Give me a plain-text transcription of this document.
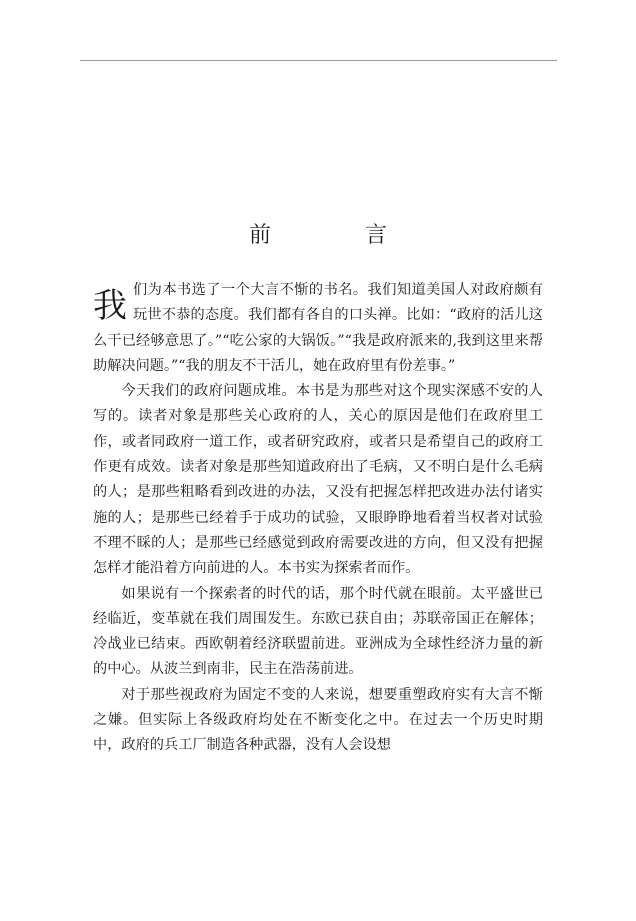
前　言

我们为本书选了一个大言不惭的书名。我们知道美国人对政府颇有玩世不恭的态度。我们都有各自的口头禅。比如：“政府的活儿这么干已经够意思了。”“吃公家的大锅饭。”“我是政府派来的,我到这里来帮助解决问题。”“我的朋友不干活儿，她在政府里有份差事。”

今天我们的政府问题成堆。本书是为那些对这个现实深感不安的人写的。读者对象是那些关心政府的人，关心的原因是他们在政府里工作，或者同政府一道工作，或者研究政府，或者只是希望自己的政府工作更有成效。读者对象是那些知道政府出了毛病，又不明白是什么毛病的人；是那些粗略看到改进的办法，又没有把握怎样把改进办法付诸实施的人；是那些已经着手于成功的试验，又眼睁睁地看着当权者对试验不理不睬的人；是那些已经感觉到政府需要改进的方向，但又没有把握怎样才能沿着方向前进的人。本书实为探索者而作。

如果说有一个探索者的时代的话，那个时代就在眼前。太平盛世已经临近，变革就在我们周围发生。东欧已获自由；苏联帝国正在解体；冷战业已结束。西欧朝着经济联盟前进。亚洲成为全球性经济力量的新的中心。从波兰到南非，民主在浩荡前进。

对于那些视政府为固定不变的人来说，想要重塑政府实有大言不惭之嫌。但实际上各级政府均处在不断变化之中。在过去一个历史时期中，政府的兵工厂制造各种武器，没有人会设想
